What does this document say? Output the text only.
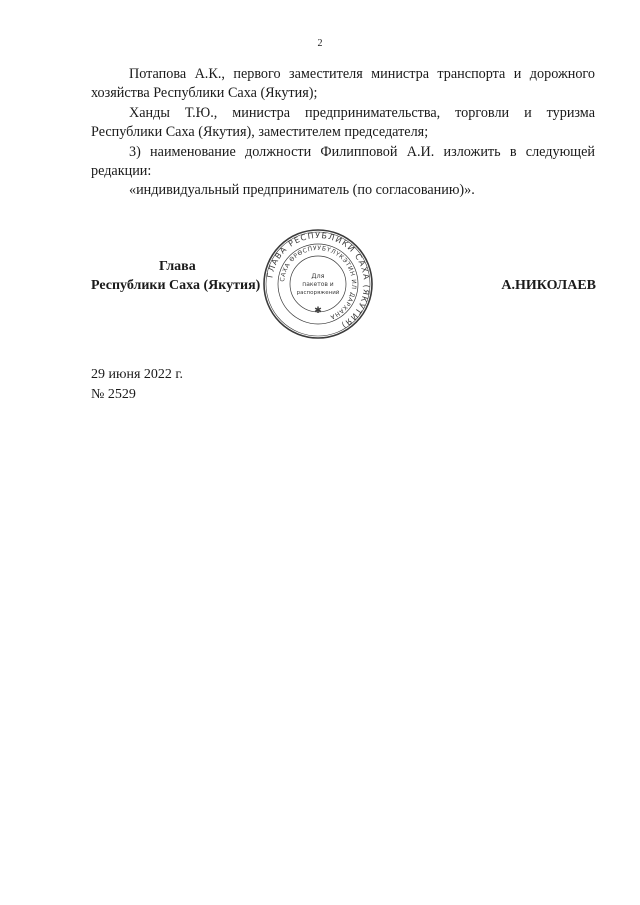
2

Потапова А.К., первого заместителя министра транспорта и дорожного хозяйства Республики Саха (Якутия);

Ханды Т.Ю., министра предпринимательства, торговли и туризма Республики Саха (Якутия), заместителем председателя;

3) наименование должности Филипповой А.И. изложить в следующей редакции:

«индивидуальный предприниматель (по согласованию)».

ГЛАВА РЕСПУБЛИКИ САХА (ЯКУТИЯ)
САХА ӨРӨСПУУБҮЛҮКЭТИН ИЛ ДАРХАНА
Для
пакетов и
распоряжений
✱
Глава
Республики Саха (Якутия)	А.НИКОЛАЕВ
29 июня 2022 г.
№ 2529
